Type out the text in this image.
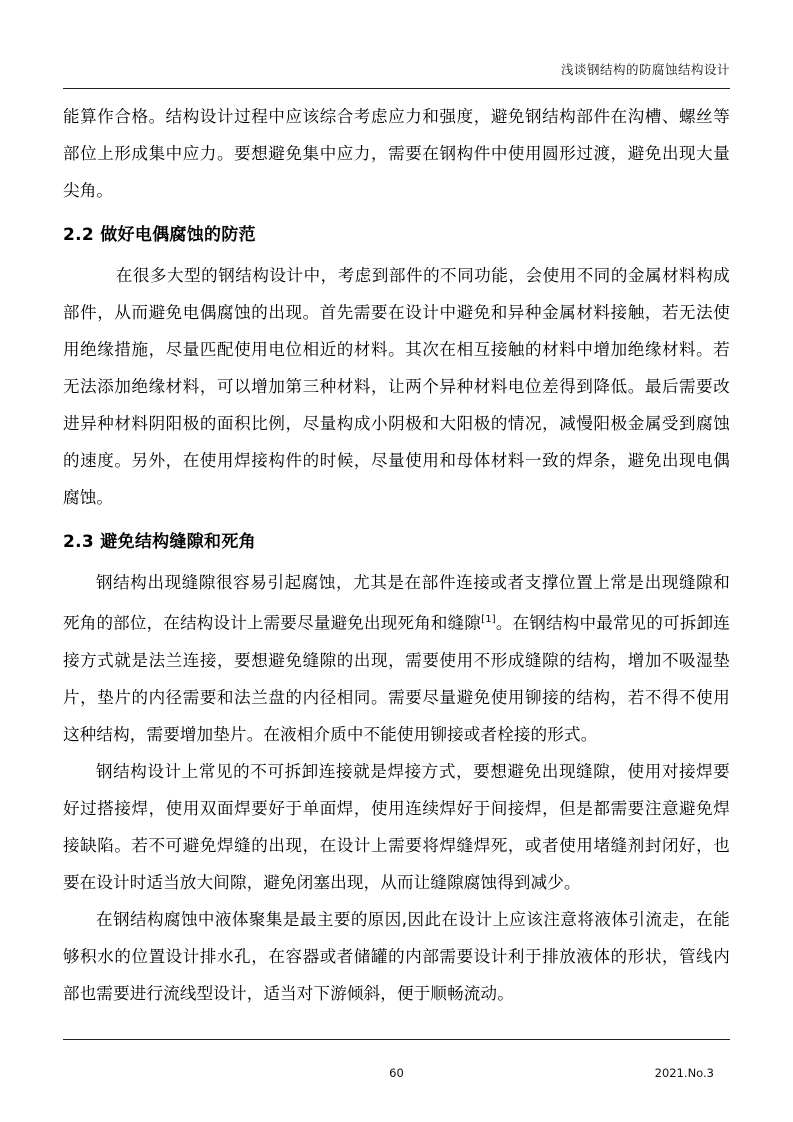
浅谈钢结构的防腐蚀结构设计

能算作合格。结构设计过程中应该综合考虑应力和强度，避免钢结构部件在沟槽、螺丝等部位上形成集中应力。要想避免集中应力，需要在钢构件中使用圆形过渡，避免出现大量尖角。

2.2 做好电偶腐蚀的防范

在很多大型的钢结构设计中，考虑到部件的不同功能，会使用不同的金属材料构成部件，从而避免电偶腐蚀的出现。首先需要在设计中避免和异种金属材料接触，若无法使用绝缘措施，尽量匹配使用电位相近的材料。其次在相互接触的材料中增加绝缘材料。若无法添加绝缘材料，可以增加第三种材料，让两个异种材料电位差得到降低。最后需要改进异种材料阴阳极的面积比例，尽量构成小阴极和大阳极的情况，减慢阳极金属受到腐蚀的速度。另外，在使用焊接构件的时候，尽量使用和母体材料一致的焊条，避免出现电偶腐蚀。

2.3 避免结构缝隙和死角

钢结构出现缝隙很容易引起腐蚀，尤其是在部件连接或者支撑位置上常是出现缝隙和死角的部位，在结构设计上需要尽量避免出现死角和缝隙[1]。在钢结构中最常见的可拆卸连接方式就是法兰连接，要想避免缝隙的出现，需要使用不形成缝隙的结构，增加不吸湿垫片，垫片的内径需要和法兰盘的内径相同。需要尽量避免使用铆接的结构，若不得不使用这种结构，需要增加垫片。在液相介质中不能使用铆接或者栓接的形式。

钢结构设计上常见的不可拆卸连接就是焊接方式，要想避免出现缝隙，使用对接焊要好过搭接焊，使用双面焊要好于单面焊，使用连续焊好于间接焊，但是都需要注意避免焊接缺陷。若不可避免焊缝的出现，在设计上需要将焊缝焊死，或者使用堵缝剂封闭好，也要在设计时适当放大间隙，避免闭塞出现，从而让缝隙腐蚀得到减少。

在钢结构腐蚀中液体聚集是最主要的原因,因此在设计上应该注意将液体引流走，在能够积水的位置设计排水孔，在容器或者储罐的内部需要设计利于排放液体的形状，管线内部也需要进行流线型设计，适当对下游倾斜，便于顺畅流动。

60	2021.No.3
